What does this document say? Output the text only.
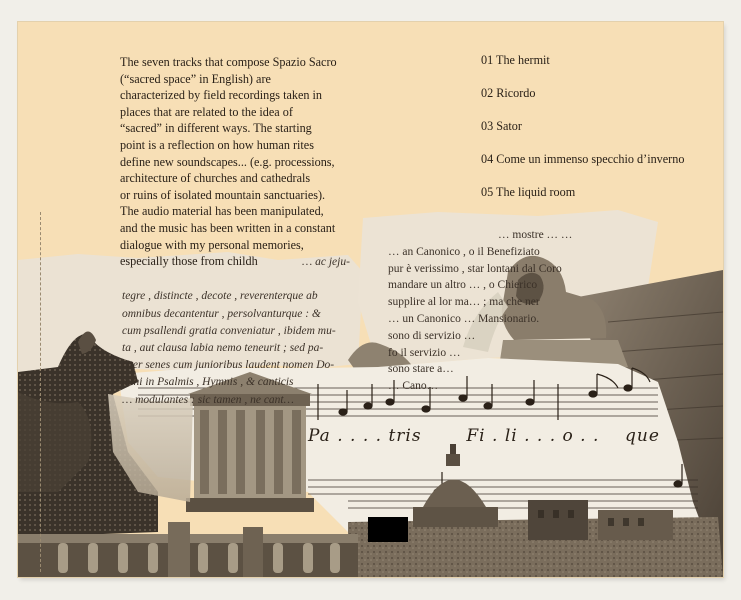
… ac jeju-
tegre , distincte , decote , reverenterque ab
omnibus decantentur , persolvanturque : &
cum psallendi gratia conveniatur , ibidem mu-
ta , aut clausa labia nemo teneurit ; sed pa-
riter senes cum junioribus laudent nomen Do-
mini in Psalmis , Hymnis , & canticis
… modulantes : sic tamen , ne cant…
… mostre … …
… an Canonico , o il Benefiziato
pur è verissimo , star lontani dal Coro
mandare un altro … , o Chierico
supplire al lor ma… ; ma che ner
… un Canonico … Mansionario.
sono di servizio …
fo il servizio …
sono stare a…
… Cano…
The seven tracks that compose Spazio Sacro
(“sacred space” in English) are
characterized by field recordings taken in
places that are related to the idea of
“sacred” in different ways. The starting
point is a reflection on how human rites
define new soundscapes... (e.g. processions,
architecture of churches and cathedrals
or ruins of isolated mountain sanctuaries).
The audio material has been manipulated,
and the music has been written in a constant
dialogue with my personal memories,
especially those from childh
01 The hermit
02 Ricordo
03 Sator
04 Come un immenso specchio d’inverno
05 The liquid room
Pa . . . . tris       Fi . li . . . o . .    que
